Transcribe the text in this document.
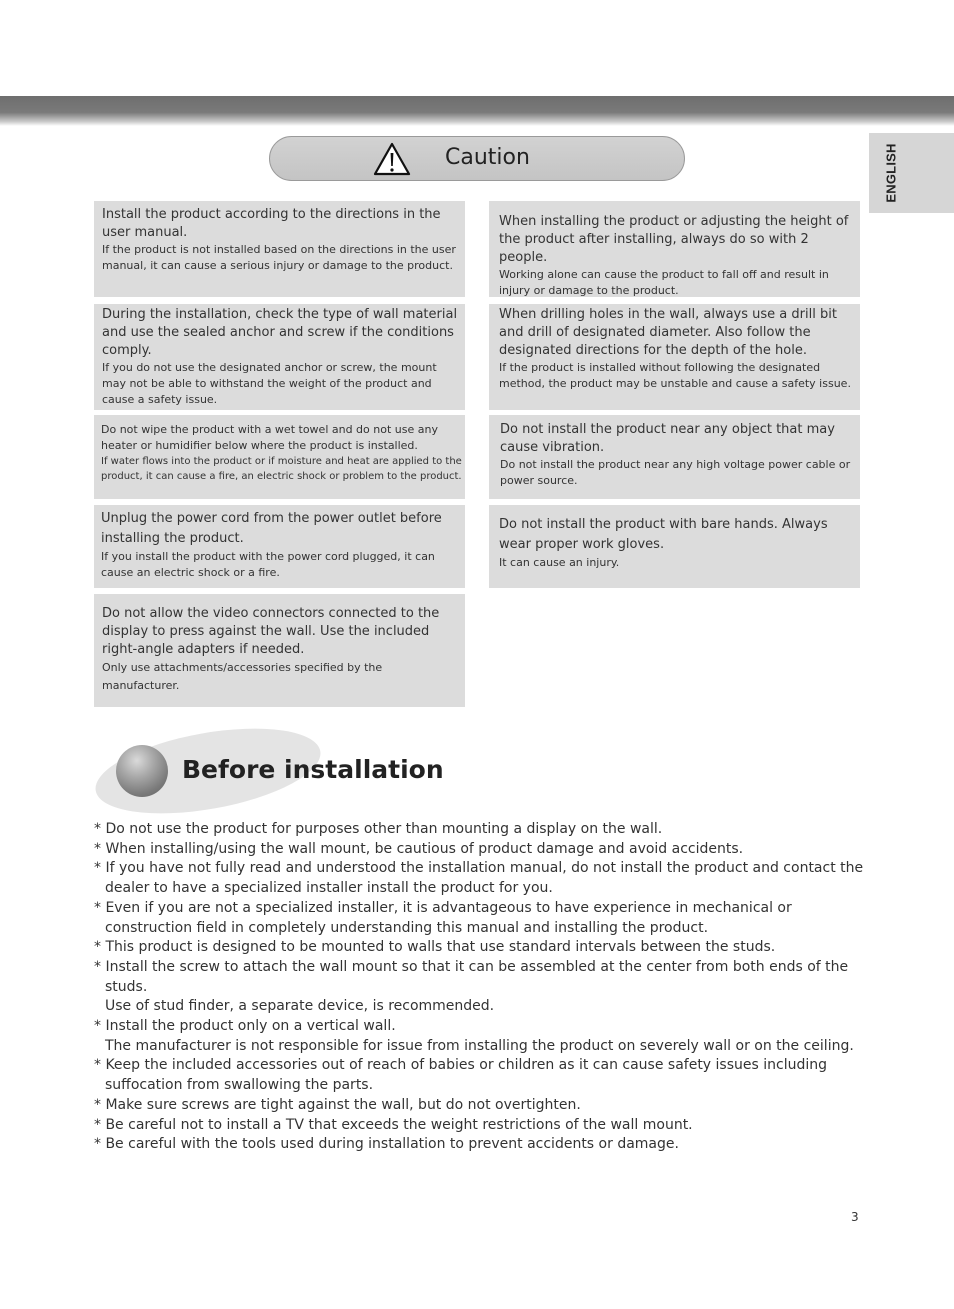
ENGLISH
Caution
Install the product according to the directions in the user manual.
If the product is not installed based on the directions in the user manual, it can cause a serious injury or damage to the product.
During the installation, check the type of wall material and use the sealed anchor and screw if the conditions comply.
If you do not use the designated anchor or screw, the mount may not be able to withstand the weight of the product and cause a safety issue.
Do not wipe the product with a wet towel and do not use any heater or humidifier below where the product is installed.
If water flows into the product or if moisture and heat are applied to the product, it can cause a fire, an electric shock or problem to the product.
Unplug the power cord from the power outlet before installing the product.
If you install the product with the power cord plugged, it can cause an electric shock or a fire.
Do not allow the video connectors connected to the display to press against the wall. Use the included right-angle adapters if needed.
Only use attachments/accessories specified by the manufacturer.
When installing the product or adjusting the height of the product after installing, always do so with 2 people.
Working alone can cause the product to fall off and result in injury or damage to the product.
When drilling holes in the wall, always use a drill bit and drill of designated diameter. Also follow the designated directions for the depth of the hole.
If the product is installed without following the designated method, the product may be unstable and cause a safety issue.
Do not install the product near any object that may cause vibration.
Do not install the product near any high voltage power cable or power source.
Do not install the product with bare hands. Always wear proper work gloves.
It can cause an injury.
Before installation
* Do not use the product for purposes other than mounting a display on the wall.
* When installing/using the wall mount, be cautious of product damage and avoid accidents.
* If you have not fully read and understood the installation manual, do not install the product and contact the dealer to have a specialized installer install the product for you.
* Even if you are not a specialized installer, it is advantageous to have experience in mechanical or construction field in completely understanding this manual and installing the product.
* This product is designed to be mounted to walls that use standard intervals between the studs.
* Install the screw to attach the wall mount so that it can be assembled at the center from both ends of the studs.
Use of stud finder, a separate device, is recommended.
* Install the product only on a vertical wall.
The manufacturer is not responsible for issue from installing the product on severely wall or on the ceiling.
* Keep the included accessories out of reach of babies or children as it can cause safety issues including suffocation from swallowing the parts.
* Make sure screws are tight against the wall, but do not overtighten.
* Be careful not to install a TV that exceeds the weight restrictions of the wall mount.
* Be careful with the tools used during installation to prevent accidents or damage.
3
